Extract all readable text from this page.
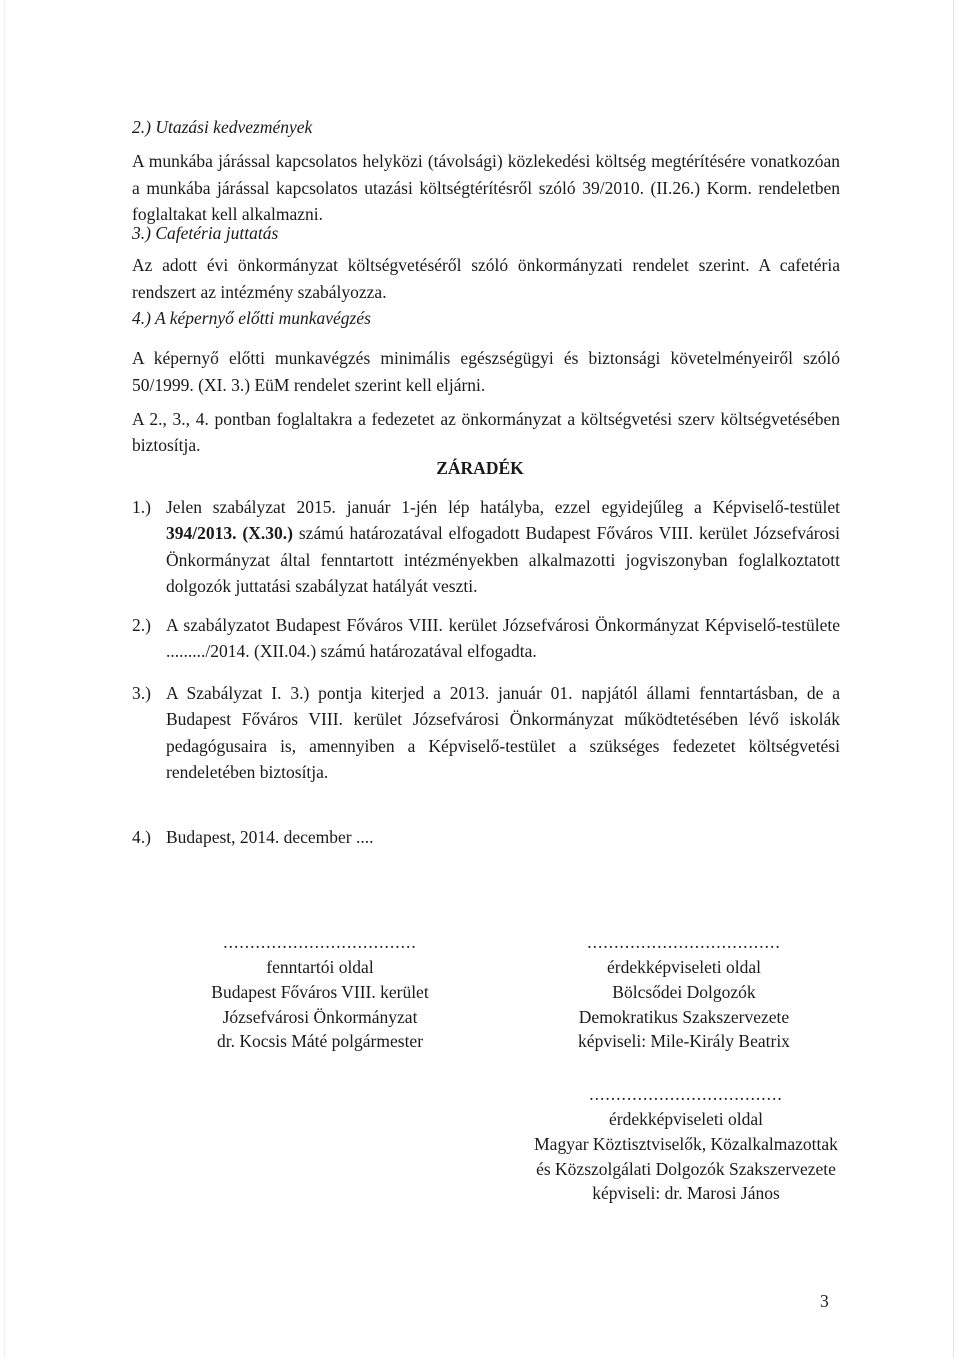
2.) Utazási kedvezmények

A munkába járással kapcsolatos helyközi (távolsági) közlekedési költség megtérítésére vonatkozóan a munkába járással kapcsolatos utazási költségtérítésről szóló 39/2010. (II.26.) Korm. rendeletben foglaltakat kell alkalmazni.

3.) Cafetéria juttatás

Az adott évi önkormányzat költségvetéséről szóló önkormányzati rendelet szerint. A cafetéria rendszert az intézmény szabályozza.

4.) A képernyő előtti munkavégzés

A képernyő előtti munkavégzés minimális egészségügyi és biztonsági követelményeiről szóló 50/1999. (XI. 3.) EüM rendelet szerint kell eljárni.

A 2., 3., 4. pontban foglaltakra a fedezetet az önkormányzat a költségvetési szerv költségvetésében biztosítja.

ZÁRADÉK
1.) Jelen szabályzat 2015. január 1-jén lép hatályba, ezzel egyidejűleg a Képviselő-testület 394/2013. (X.30.) számú határozatával elfogadott Budapest Főváros VIII. kerület Józsefvárosi Önkormányzat által fenntartott intézményekben alkalmazotti jogviszonyban foglalkoztatott dolgozók juttatási szabályzat hatályát veszti.
2.) A szabályzatot Budapest Főváros VIII. kerület Józsefvárosi Önkormányzat Képviselő-testülete ........./2014. (XII.04.) számú határozatával elfogadta.
3.) A Szabályzat I. 3.) pontja kiterjed a 2013. január 01. napjától állami fenntartásban, de a Budapest Főváros VIII. kerület Józsefvárosi Önkormányzat működtetésében lévő iskolák pedagógusaira is, amennyiben a Képviselő-testület a szükséges fedezetet költségvetési rendeletében biztosítja.
4.) Budapest, 2014. december ....
....................................
fenntartói oldal
Budapest Főváros VIII. kerület
Józsefvárosi Önkormányzat
dr. Kocsis Máté polgármester
....................................
érdekképviseleti oldal
Bölcsődei Dolgozók
Demokratikus Szakszervezete
képviseli: Mile-Király Beatrix
....................................
érdekképviseleti oldal
Magyar Köztisztviselők, Közalkalmazottak
és Közszolgálati Dolgozók Szakszervezete
képviseli: dr. Marosi János
3
